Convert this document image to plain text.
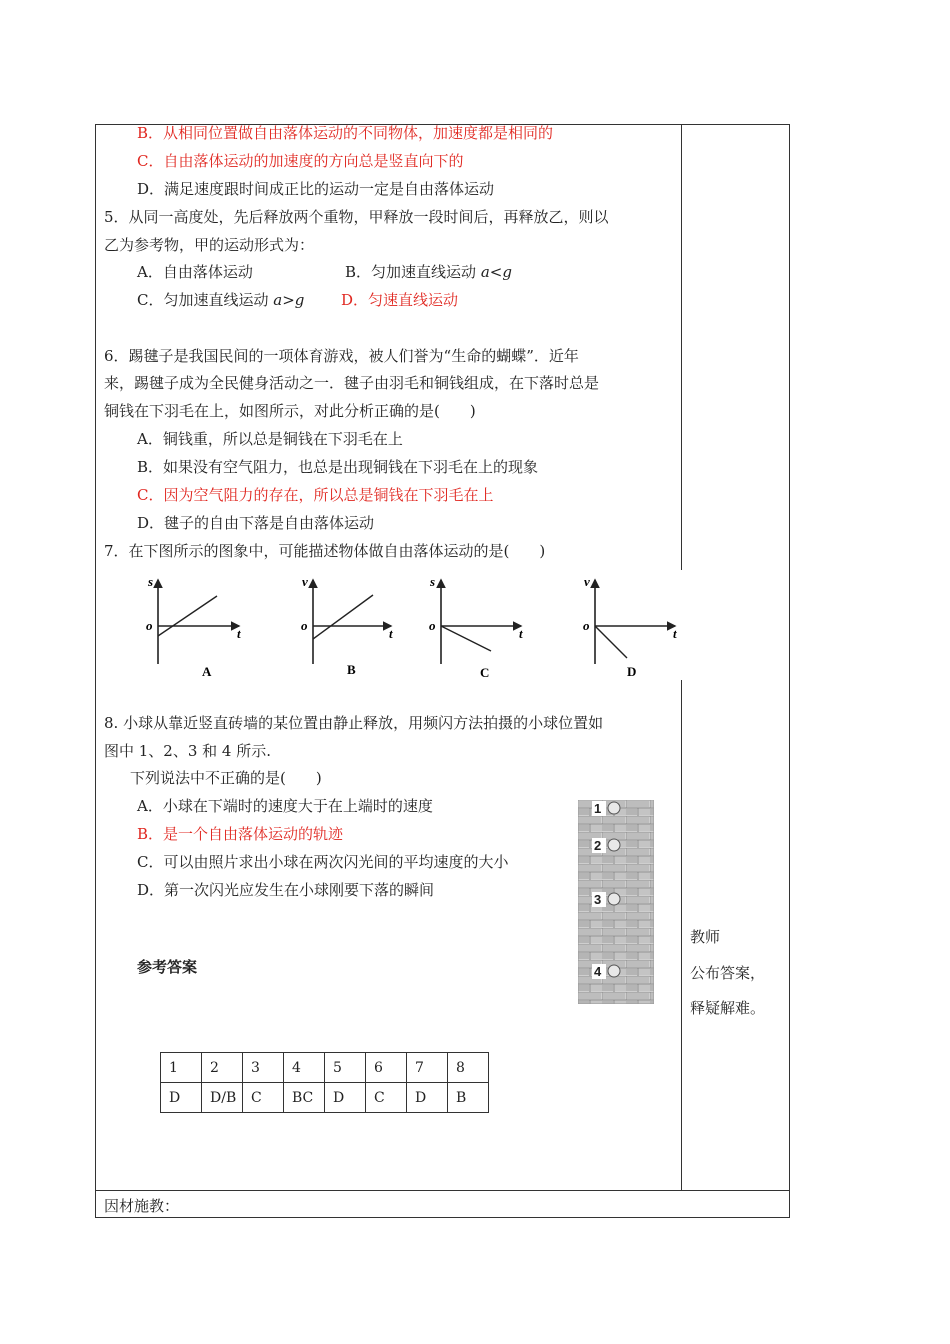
B．从相同位置做自由落体运动的不同物体，加速度都是相同的
C．自由落体运动的加速度的方向总是竖直向下的
D．满足速度跟时间成正比的运动一定是自由落体运动
5．从同一高度处，先后释放两个重物，甲释放一段时间后，再释放乙，则以
乙为参考物，甲的运动形式为：
A．自由落体运动	B．匀加速直线运动 a<g
C．匀加速直线运动 a>g D．匀速直线运动
6．踢毽子是我国民间的一项体育游戏，被人们誉为“生命的蝴蝶”．近年
来，踢毽子成为全民健身活动之一．毽子由羽毛和铜钱组成，在下落时总是
铜钱在下羽毛在上，如图所示，对此分析正确的是(　　)
A．铜钱重，所以总是铜钱在下羽毛在上
B．如果没有空气阻力，也总是出现铜钱在下羽毛在上的现象
C．因为空气阻力的存在，所以总是铜钱在下羽毛在上
D．毽子的自由下落是自由落体运动
7．在下图所示的图象中，可能描述物体做自由落体运动的是(　　)
s
o
t
A
v
o
t
B
s
o
t
C
v
o
t
D
8. 小球从靠近竖直砖墙的某位置由静止释放，用频闪方法拍摄的小球位置如
图中 1、2、3 和 4 所示.
下列说法中不正确的是(　　)
A．小球在下端时的速度大于在上端时的速度
B．是一个自由落体运动的轨迹
C．可以由照片求出小球在两次闪光间的平均速度的大小
D．第一次闪光应发生在小球刚要下落的瞬间
1
2
3
4
参考答案
1	2	3	4	5	6	7	8
D	D/B	C	BC	D	C	D	B
教师
公布答案，
释疑解难。
因材施教：
